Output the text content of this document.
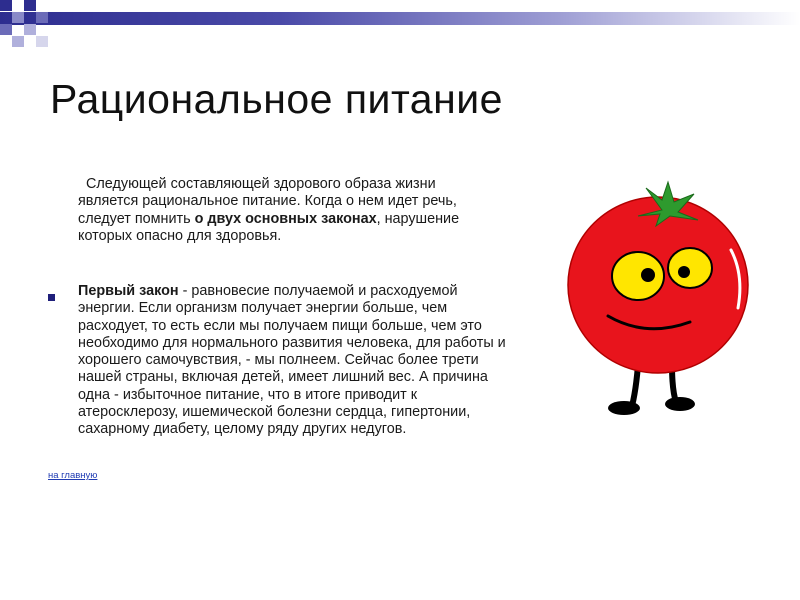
Рациональное питание

Следующей составляющей здорового образа жизни является рациональное питание. Когда о нем идет речь, следует помнить о двух основных законах, нарушение которых опасно для здоровья.

Первый закон - равновесие получаемой и расходуемой энергии. Если организм получает энергии больше, чем расходует, то есть если мы получаем пищи больше, чем это необходимо для нормального развития человека, для работы и хорошего самочувствия, - мы полнеем. Сейчас более трети нашей страны, включая детей, имеет лишний вес. А причина одна - избыточное питание, что в итоге приводит к атеросклерозу, ишемической болезни сердца, гипертонии, сахарному диабету, целому ряду других недугов.

на главную
